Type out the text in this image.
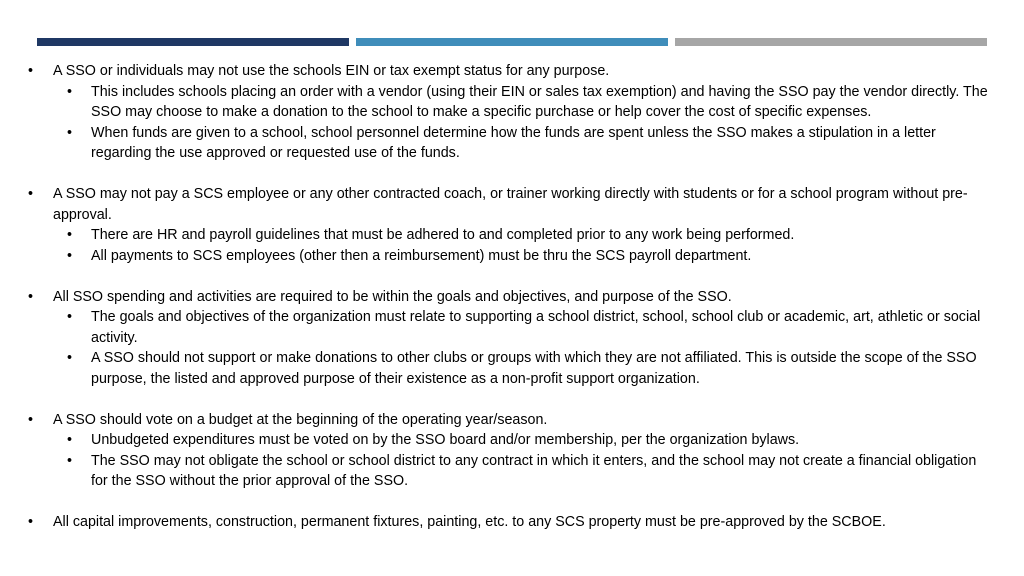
• A SSO or individuals may not use the schools EIN or tax exempt status for any purpose.
• This includes schools placing an order with a vendor (using their EIN or sales tax exemption) and having the SSO pay the vendor directly. The SSO may choose to make a donation to the school to make a specific purchase or help cover the cost of specific expenses.
• When funds are given to a school, school personnel determine how the funds are spent unless the SSO makes a stipulation in a letter regarding the use approved or requested use of the funds.
• A SSO may not pay a SCS employee or any other contracted coach, or trainer working directly with students or for a school program without pre-approval.
• There are HR and payroll guidelines that must be adhered to and completed prior to any work being performed.
• All payments to SCS employees (other then a reimbursement) must be thru the SCS payroll department.
• All SSO spending and activities are required to be within the goals and objectives, and purpose of the SSO.
• The goals and objectives of the organization must relate to supporting a school district, school, school club or academic, art, athletic or social activity.
• A SSO should not support or make donations to other clubs or groups with which they are not affiliated. This is outside the scope of the SSO purpose, the listed and approved purpose of their existence as a non-profit support organization.
• A SSO should vote on a budget at the beginning of the operating year/season.
• Unbudgeted expenditures must be voted on by the SSO board and/or membership, per the organization bylaws.
• The SSO may not obligate the school or school district to any contract in which it enters, and the school may not create a financial obligation for the SSO without the prior approval of the SSO.
• All capital improvements, construction, permanent fixtures, painting, etc. to any SCS property must be pre-approved by the SCBOE.
